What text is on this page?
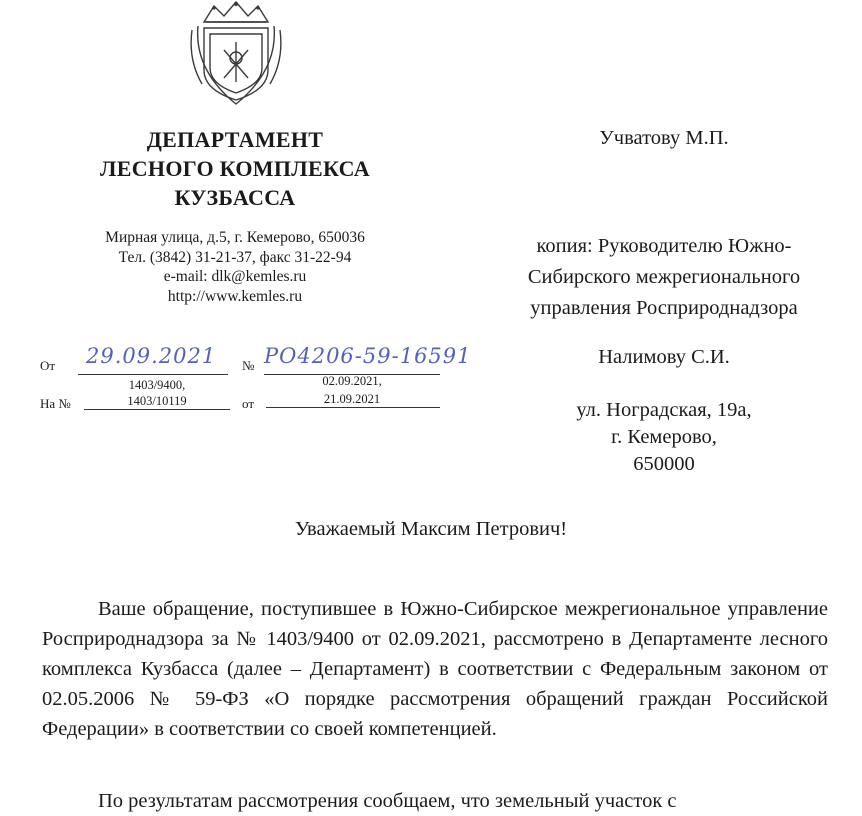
ДЕПАРТАМЕНТ
ЛЕСНОГО КОМПЛЕКСА
КУЗБАССА
Мирная улица, д.5, г. Кемерово, 650036
Тел. (3842) 31-21-37, факс 31-22-94
e-mail: dlk@kemles.ru
http://www.kemles.ru
От 29.09.2021 № РО4206-59-16591
1403/9400,
На №	1403/10119
02.09.2021,
от	21.09.2021
Учватову М.П.
копия: Руководителю Южно-
Сибирского межрегионального
управления Росприроднадзора
Налимову С.И.
ул. Ноградская, 19а,
г. Кемерово,
650000
Уважаемый Максим Петрович!

Ваше обращение, поступившее в Южно-Сибирское межрегиональное управление Росприроднадзора за № 1403/9400 от 02.09.2021, рассмотрено в Департаменте лесного комплекса Кузбасса (далее – Департамент) в соответствии с Федеральным законом от 02.05.2006 № 59-ФЗ «О порядке рассмотрения обращений граждан Российской Федерации» в соответствии со своей компетенцией.

По результатам рассмотрения сообщаем, что земельный участок с
